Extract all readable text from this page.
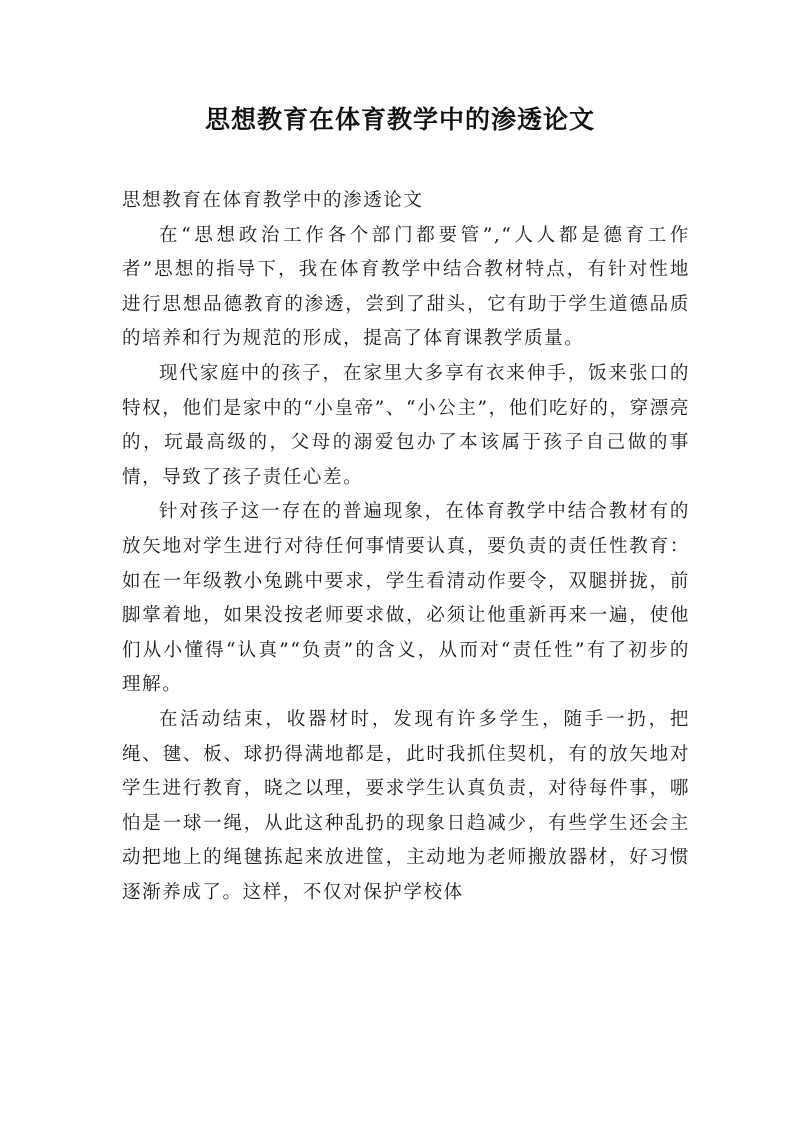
思想教育在体育教学中的渗透论文

思想教育在体育教学中的渗透论文

在“思想政治工作各个部门都要管”,“人人都是德育工作者”思想的指导下，我在体育教学中结合教材特点，有针对性地进行思想品德教育的渗透，尝到了甜头，它有助于学生道德品质的培养和行为规范的形成，提高了体育课教学质量。

现代家庭中的孩子，在家里大多享有衣来伸手，饭来张口的特权，他们是家中的“小皇帝”、“小公主”，他们吃好的，穿漂亮的，玩最高级的，父母的溺爱包办了本该属于孩子自己做的事情，导致了孩子责任心差。

针对孩子这一存在的普遍现象，在体育教学中结合教材有的放矢地对学生进行对待任何事情要认真，要负责的责任性教育：如在一年级教小兔跳中要求，学生看清动作要令，双腿拼拢，前脚掌着地，如果没按老师要求做，必须让他重新再来一遍，使他们从小懂得“认真”“负责”的含义，从而对“责任性”有了初步的理解。

在活动结束，收器材时，发现有许多学生，随手一扔，把绳、毽、板、球扔得满地都是，此时我抓住契机，有的放矢地对学生进行教育，晓之以理，要求学生认真负责，对待每件事，哪怕是一球一绳，从此这种乱扔的现象日趋减少，有些学生还会主动把地上的绳毽拣起来放进筐，主动地为老师搬放器材，好习惯逐渐养成了。这样，不仅对保护学校体
